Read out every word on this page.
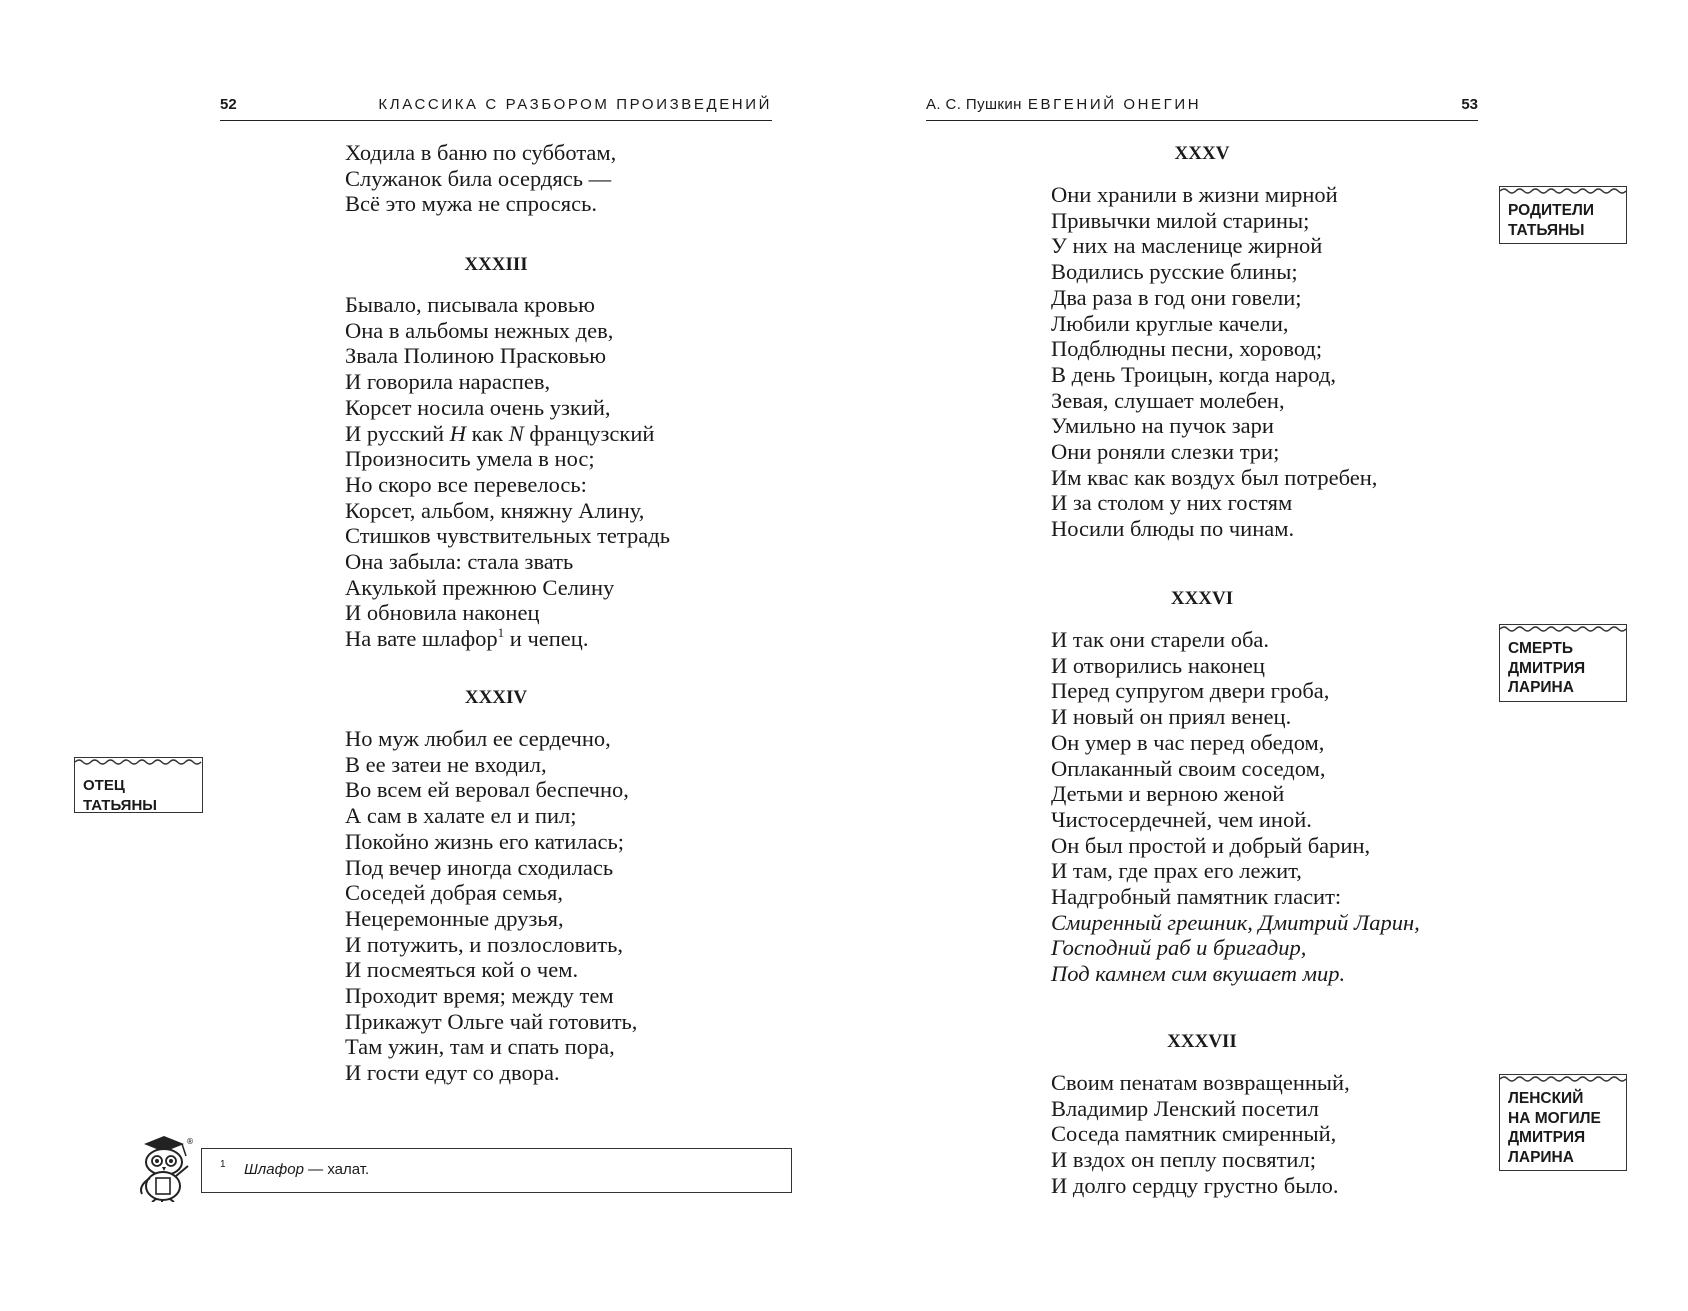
52	КЛАССИКА С РАЗБОРОМ ПРОИЗВЕДЕНИЙ	А. С. Пушкин ЕВГЕНИЙ ОНЕГИН	53
Ходила в баню по субботам,
Служанок била осердясь —
Всё это мужа не спросясь.
XXXIII
Бывало, писывала кровью
Она в альбомы нежных дев,
Звала Полиною Прасковью
И говорила нараспев,
Корсет носила очень узкий,
И русский Н как N французский
Произносить умела в нос;
Но скоро все перевелось:
Корсет, альбом, княжну Алину,
Стишков чувствительных тетрадь
Она забыла: стала звать
Акулькой прежнюю Селину
И обновила наконец
На вате шлафор$^1$ и чепец.
XXXIV
Но муж любил ее сердечно,
В ее затеи не входил,
Во всем ей веровал беспечно,
А сам в халате ел и пил;
Покойно жизнь его катилась;
Под вечер иногда сходилась
Соседей добрая семья,
Нецеремонные друзья,
И потужить, и позлословить,
И посмеяться кой о чем.
Проходит время; между тем
Прикажут Ольге чай готовить,
Там ужин, там и спать пора,
И гости едут со двора.
ОТЕЦ ТАТЬЯНЫ
®
1 Шлафор — халат.
XXXV
Они хранили в жизни мирной
Привычки милой старины;
У них на масленице жирной
Водились русские блины;
Два раза в год они говели;
Любили круглые качели,
Подблюдны песни, хоровод;
В день Троицын, когда народ,
Зевая, слушает молебен,
Умильно на пучок зари
Они роняли слезки три;
Им квас как воздух был потребен,
И за столом у них гостям
Носили блюды по чинам.
XXXVI
И так они старели оба.
И отворились наконец
Перед супругом двери гроба,
И новый он приял венец.
Он умер в час перед обедом,
Оплаканный своим соседом,
Детьми и верною женой
Чистосердечней, чем иной.
Он был простой и добрый барин,
И там, где прах его лежит,
Надгробный памятник гласит:
Смиренный грешник, Дмитрий Ларин,
Господний раб и бригадир,
Под камнем сим вкушает мир.
XXXVII
Своим пенатам возвращенный,
Владимир Ленский посетил
Соседа памятник смиренный,
И вздох он пеплу посвятил;
И долго сердцу грустно было.
РОДИТЕЛИ
ТАТЬЯНЫ
СМЕРТЬ
ДМИТРИЯ
ЛАРИНА
ЛЕНСКИЙ
НА МОГИЛЕ
ДМИТРИЯ
ЛАРИНА
